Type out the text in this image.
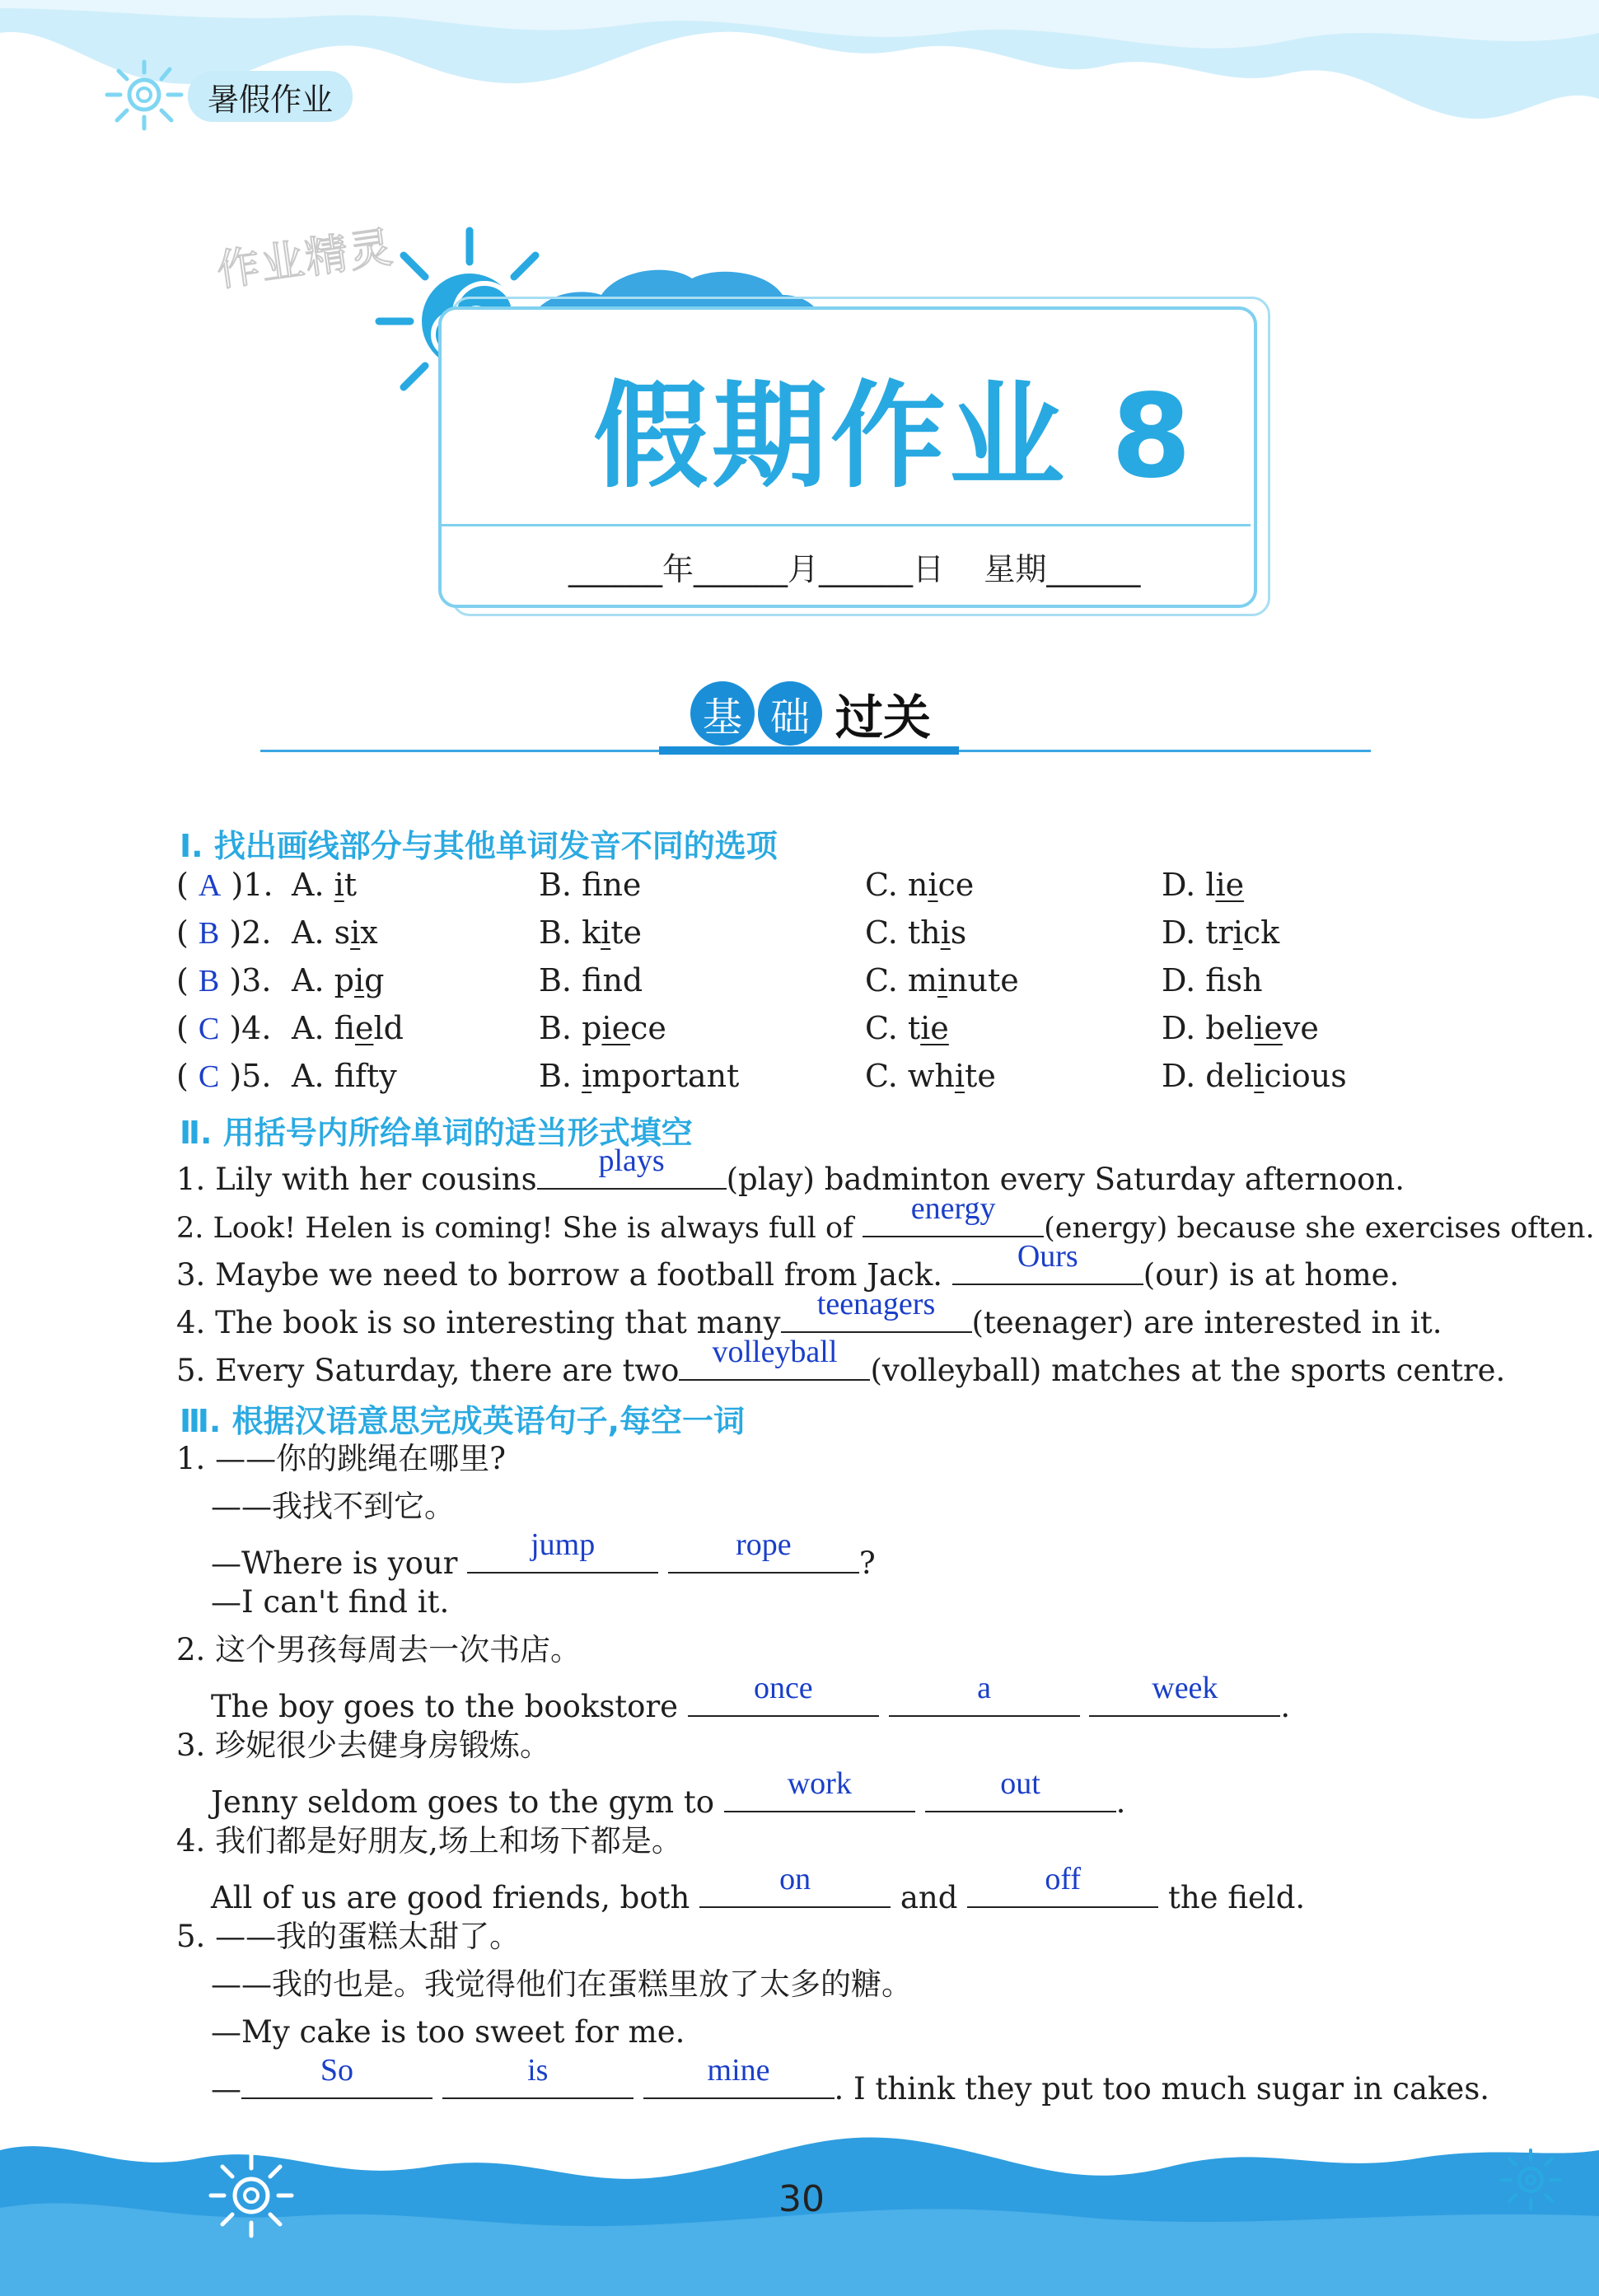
暑假作业
作业精灵
假期作业 8
______年______月______日    星期______
基 础 过关
Ⅰ. 找出画线部分与其他单词发音不同的选项
( A )1. A. it	B. fne	C. nice	D. lie
( B )2. A. six	B. kite	C. this	D. trick
( B )3. A. pig	B. fnd	C. minute	D. fsh
( C )4. A. field	B. piece	C. tie	D. believe
( C )5. A. ffty	B. important	C. white	D. delicious
Ⅱ. 用括号内所给单词的适当形式填空
1. Lily with her cousins
plays
(play) badminton every Saturday afternoon.
2. Look! Helen is coming! She is always full of
energy
(energy) because she exercises often.
3. Maybe we need to borrow a football from Jack.
Ours
(our) is at home.
4. The book is so interesting that many
teenagers
(teenager) are interested in it.
5. Every Saturday, there are two
volleyball
(volleyball) matches at the sports centre.
Ⅲ. 根据汉语意思完成英语句子,每空一词
1. ——你的跳绳在哪里?
——我找不到它。
—Where is your
jump
	rope
?
—I can't find it.
2. 这个男孩每周去一次书店。
The boy goes to the bookstore
once
	a
	week
.
3. 珍妮很少去健身房锻炼。
Jenny seldom goes to the gym to
work
	out
.
4. 我们都是好朋友,场上和场下都是。
All of us are good friends, both
on
and
off
the field.
5. ——我的蛋糕太甜了。
——我的也是。我觉得他们在蛋糕里放了太多的糖。
—My cake is too sweet for me.
—
So
	is
	mine
. I think they put too much sugar in cakes.
30
